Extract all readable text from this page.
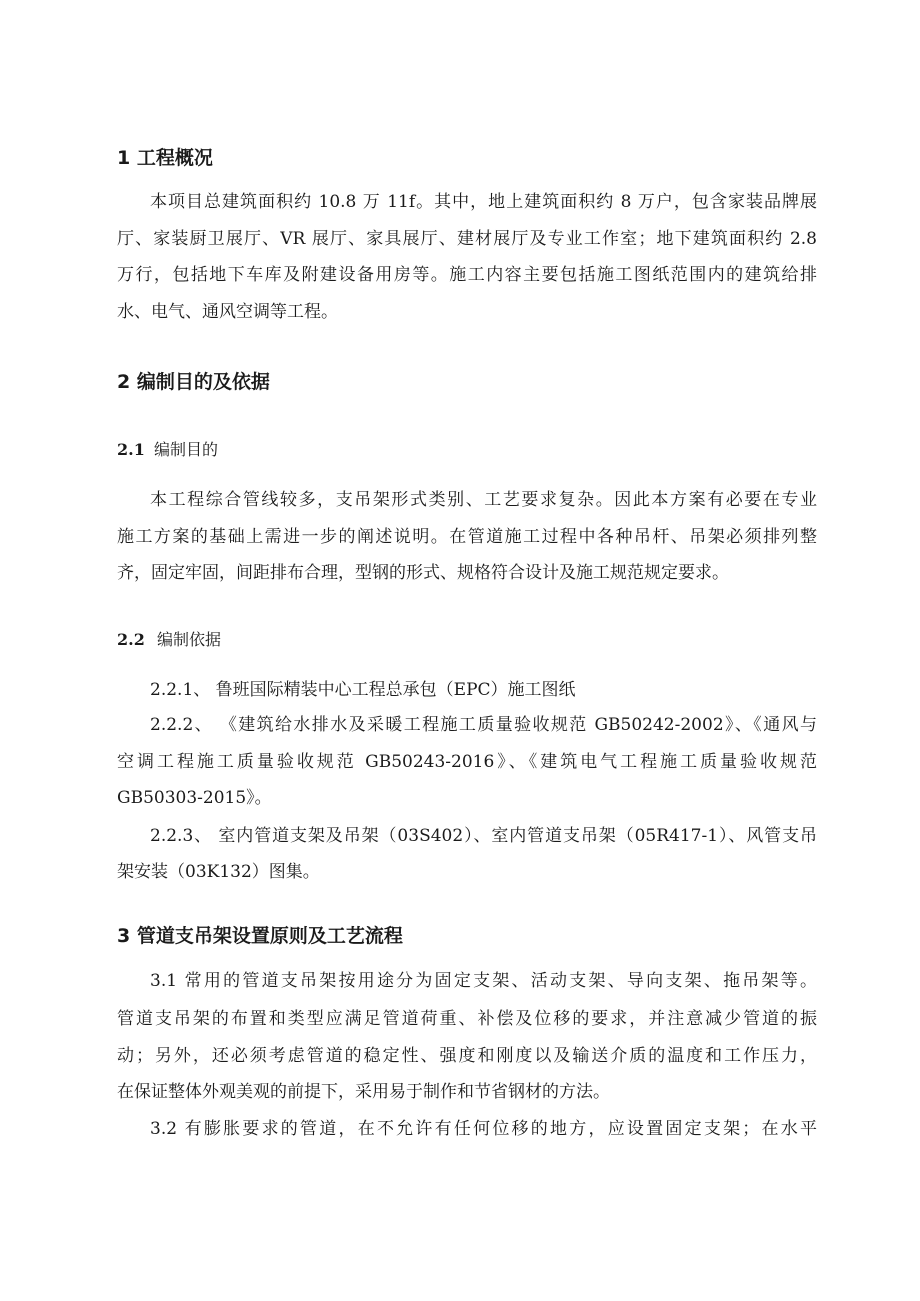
1 工程概况
本项目总建筑面积约 10.8 万 11f。其中，地上建筑面积约 8 万户，包含家装品牌展
厅、家装厨卫展厅、VR 展厅、家具展厅、建材展厅及专业工作室；地下建筑面积约 2.8
万行，包括地下车库及附建设备用房等。施工内容主要包括施工图纸范围内的建筑给排
水、电气、通风空调等工程。
2 编制目的及依据
2.1 编制目的
本工程综合管线较多，支吊架形式类别、工艺要求复杂。因此本方案有必要在专业
施工方案的基础上需进一步的阐述说明。在管道施工过程中各种吊杆、吊架必须排列整
齐，固定牢固，间距排布合理，型钢的形式、规格符合设计及施工规范规定要求。
2.2 编制依据
2.2.1、 鲁班国际精装中心工程总承包（EPC）施工图纸
2.2.2、 《建筑给水排水及采暖工程施工质量验收规范 GB50242-2002》、《通风与
空调工程施工质量验收规范 GB50243-2016》、《建筑电气工程施工质量验收规范
GB50303-2015》。
2.2.3、 室内管道支架及吊架（03S402）、室内管道支吊架（05R417-1）、风管支吊
架安装（03K132）图集。
3 管道支吊架设置原则及工艺流程
3.1 常用的管道支吊架按用途分为固定支架、活动支架、导向支架、拖吊架等。
管道支吊架的布置和类型应满足管道荷重、补偿及位移的要求，并注意减少管道的振
动；另外，还必须考虑管道的稳定性、强度和刚度以及输送介质的温度和工作压力，
在保证整体外观美观的前提下，采用易于制作和节省钢材的方法。
3.2 有膨胀要求的管道，在不允许有任何位移的地方，应设置固定支架；在水平
